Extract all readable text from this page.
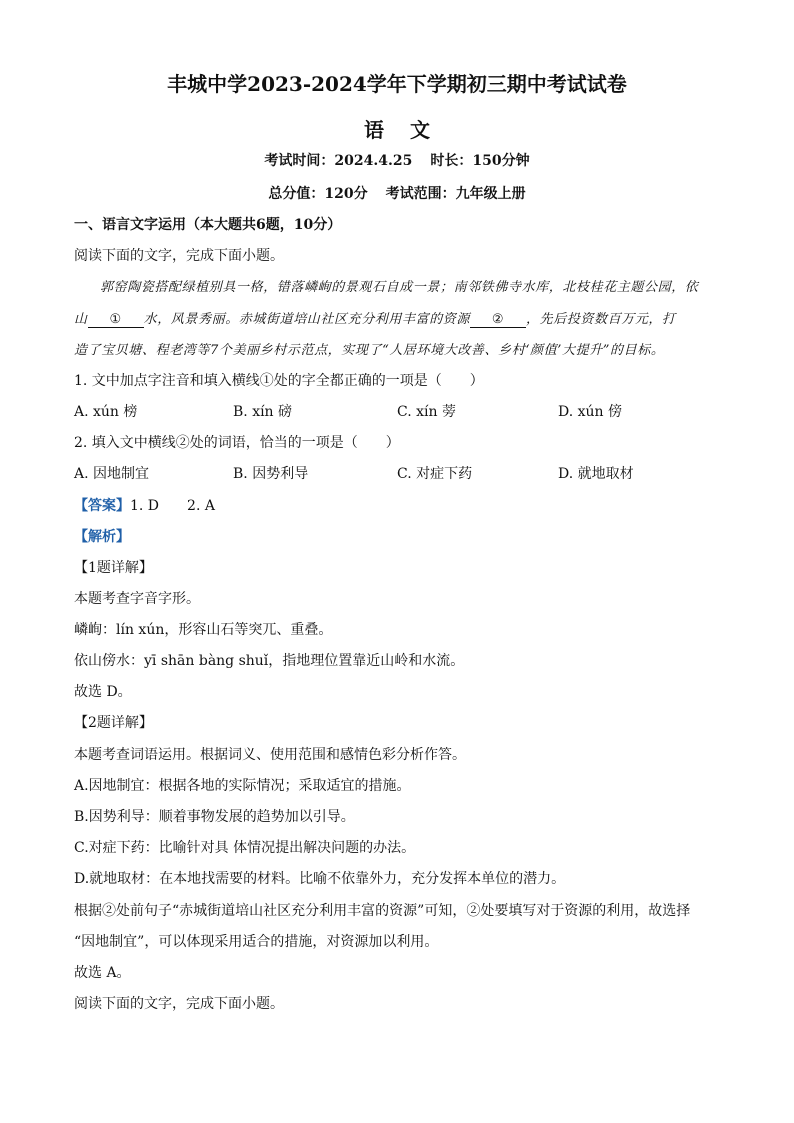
丰城中学2023-2024学年下学期初三期中考试试卷
语文
考试时间：2024.4.25 时长：150分钟
总分值：120分 考试范围：九年级上册
一、语言文字运用（本大题共6题，10分）
阅读下面的文字，完成下面小题。
郭窑陶瓷搭配绿植别具一格，错落嶙峋的景观石自成一景；南邻铁佛寺水库，北枝桂花主题公园，依
山 ① 水，风景秀丽。赤城街道培山社区充分利用丰富的资源 ② ，先后投资数百万元，打
造了宝贝塘、程老湾等7个美丽乡村示范点，实现了“人居环境大改善、乡村‘颜值’大提升”的目标。
1. 文中加点字注音和填入横线①处的字全都正确的一项是（　　）
A. xún 榜	B. xín 磅	C. xín 蒡	D. xún 傍
2. 填入文中横线②处的词语，恰当的一项是（　　）
A. 因地制宜	B. 因势利导	C. 对症下药	D. 就地取材
【答案】1. D　　2. A
【解析】
【1题详解】
本题考查字音字形。
嶙峋：lín xún，形容山石等突兀、重叠。
依山傍水：yī shān bàng shuǐ，指地理位置靠近山岭和水流。
故选 D。
【2题详解】
本题考查词语运用。根据词义、使用范围和感情色彩分析作答。
A.因地制宜：根据各地的实际情况；采取适宜的措施。
B.因势利导：顺着事物发展的趋势加以引导。
C.对症下药：比喻针对具 体情况提出解决问题的办法。
D.就地取材：在本地找需要的材料。比喻不依靠外力，充分发挥本单位的潜力。
根据②处前句子“赤城街道培山社区充分利用丰富的资源”可知，②处要填写对于资源的利用，故选择
“因地制宜”，可以体现采用适合的措施，对资源加以利用。
故选 A。
阅读下面的文字，完成下面小题。
